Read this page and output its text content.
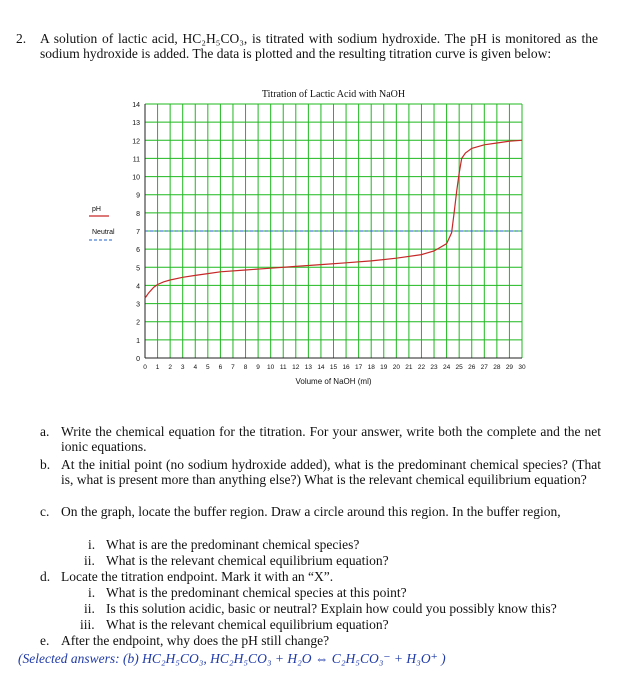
2. A solution of lactic acid, HC₂H₅CO₃, is titrated with sodium hydroxide. The pH is monitored as the sodium hydroxide is added. The data is plotted and the resulting titration curve is given below:
Titration of Lactic Acid with NaOH
0
1
2
3
4
5
6
7
8
9
10
11
12
13
14
0 1 2 3 4 5 6 7 8 9 10 11 12 13 14 15 16 17 18 19 20 21 22 23 24 25 26 27 28 29 30
Volume of NaOH (ml)
pH
Neutral
a. Write the chemical equation for the titration. For your answer, write both the complete and the net ionic equations.
b. At the initial point (no sodium hydroxide added), what is the predominant chemical species? (That is, what is present more than anything else?) What is the relevant chemical equilibrium equation?
c. On the graph, locate the buffer region. Draw a circle around this region. In the buffer region,
i. What is are the predominant chemical species?
ii. What is the relevant chemical equilibrium equation?
d. Locate the titration endpoint. Mark it with an “X”.
i. What is the predominant chemical species at this point?
ii. Is this solution acidic, basic or neutral? Explain how could you possibly know this?
iii. What is the relevant chemical equilibrium equation?
e. After the endpoint, why does the pH still change?
(Selected answers: (b) HC₂H₅CO₃, HC₂H₅CO₃ + H₂O ⇔ C₂H₅CO₃⁻ + H₃O⁺ )
